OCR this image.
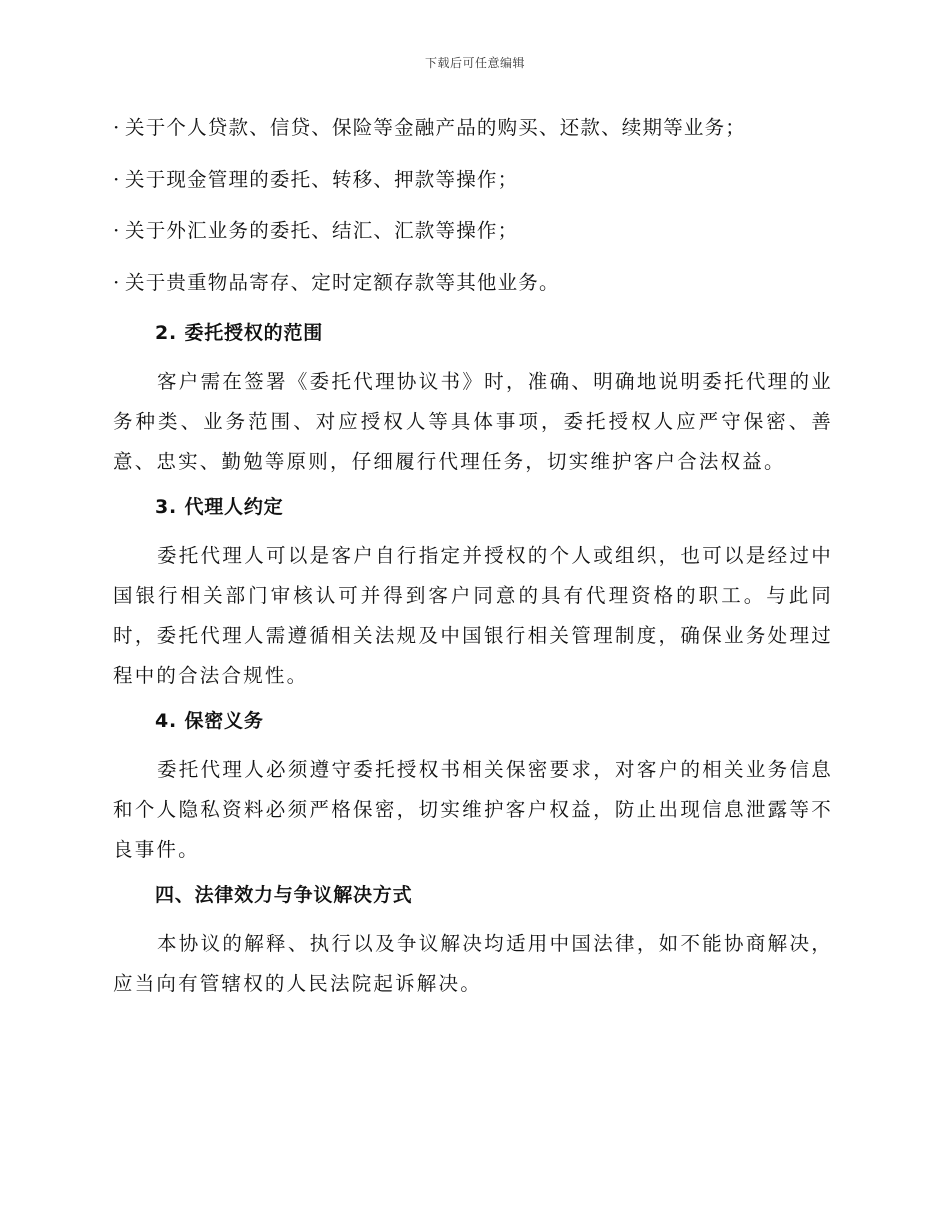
下载后可任意编辑
· 关于个人贷款、信贷、保险等金融产品的购买、还款、续期等业务；
· 关于现金管理的委托、转移、押款等操作；
· 关于外汇业务的委托、结汇、汇款等操作；
· 关于贵重物品寄存、定时定额存款等其他业务。
2. 委托授权的范围
客户需在签署《委托代理协议书》时，准确、明确地说明委托代理的业务种类、业务范围、对应授权人等具体事项，委托授权人应严守保密、善意、忠实、勤勉等原则，仔细履行代理任务，切实维护客户合法权益。
3. 代理人约定
委托代理人可以是客户自行指定并授权的个人或组织，也可以是经过中国银行相关部门审核认可并得到客户同意的具有代理资格的职工。与此同时，委托代理人需遵循相关法规及中国银行相关管理制度，确保业务处理过程中的合法合规性。
4. 保密义务
委托代理人必须遵守委托授权书相关保密要求，对客户的相关业务信息和个人隐私资料必须严格保密，切实维护客户权益，防止出现信息泄露等不良事件。
四、法律效力与争议解决方式
本协议的解释、执行以及争议解决均适用中国法律，如不能协商解决，应当向有管辖权的人民法院起诉解决。
